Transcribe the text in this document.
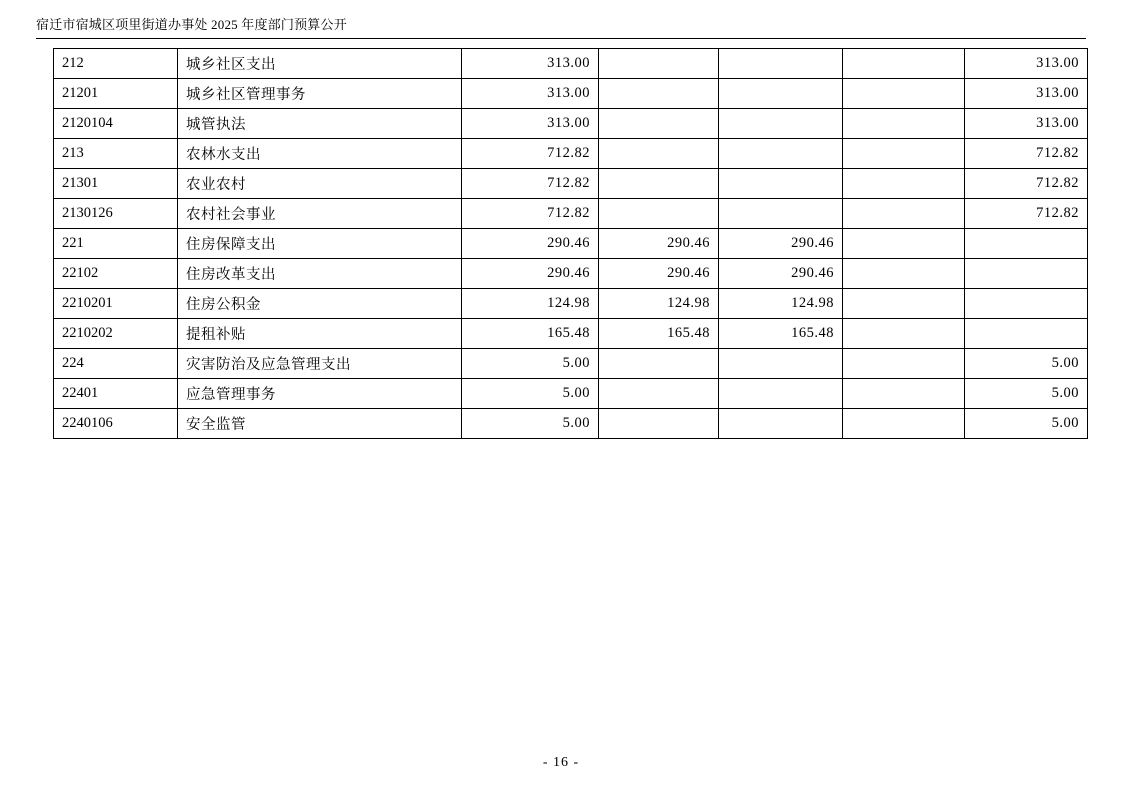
宿迁市宿城区项里街道办事处 2025 年度部门预算公开
212	城乡社区支出	313.00				313.00
21201	城乡社区管理事务	313.00				313.00
2120104	城管执法	313.00				313.00
213	农林水支出	712.82				712.82
21301	农业农村	712.82				712.82
2130126	农村社会事业	712.82				712.82
221	住房保障支出	290.46	290.46	290.46		
22102	住房改革支出	290.46	290.46	290.46		
2210201	住房公积金	124.98	124.98	124.98		
2210202	提租补贴	165.48	165.48	165.48		
224	灾害防治及应急管理支出	5.00				5.00
22401	应急管理事务	5.00				5.00
2240106	安全监管	5.00				5.00
- 16 -
